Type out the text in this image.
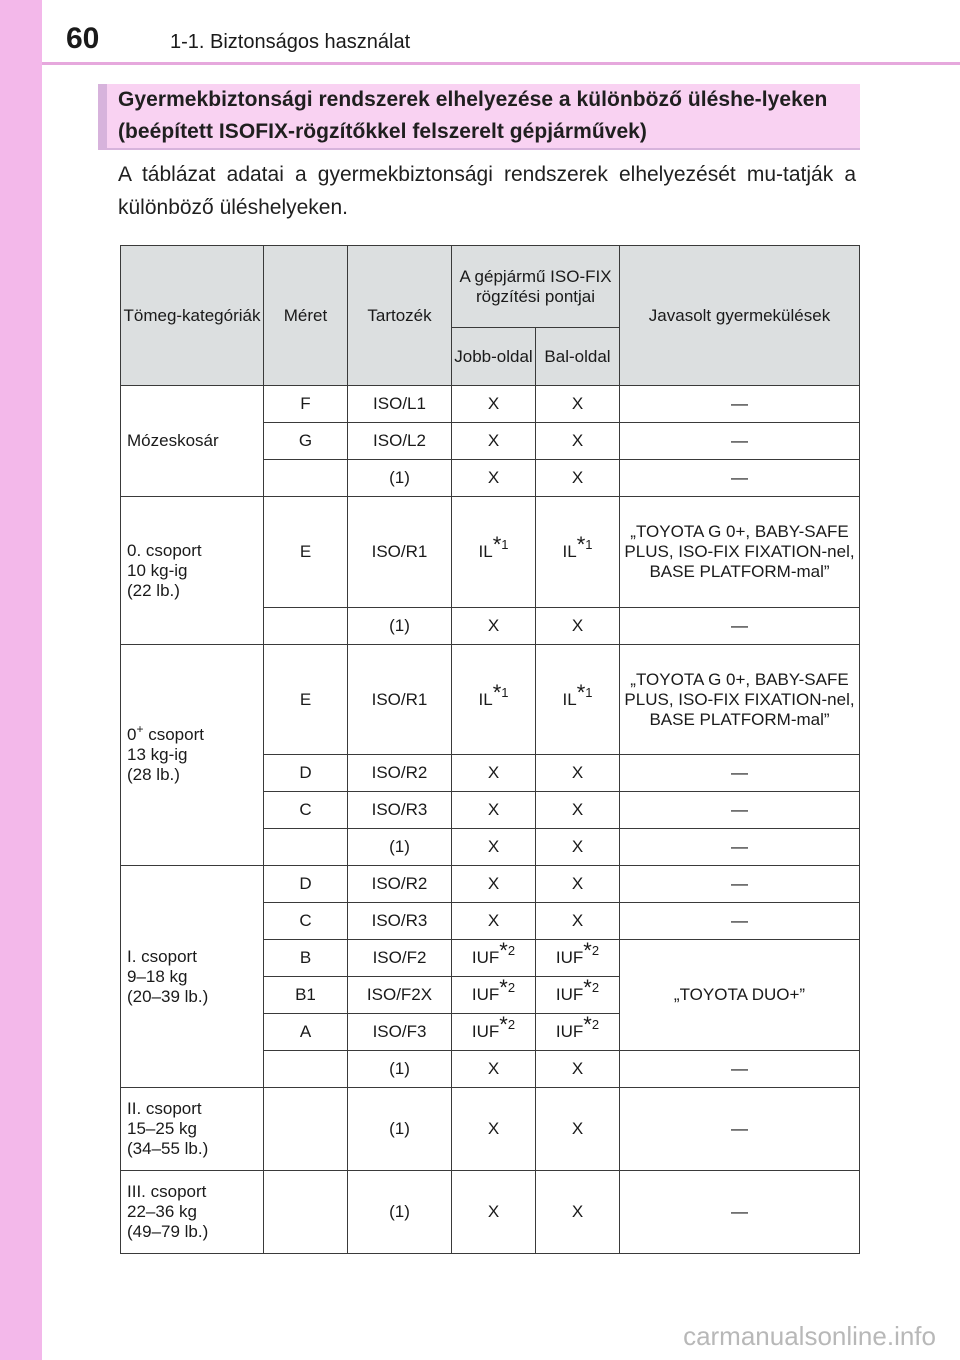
60	1-1. Biztonságos használat
Gyermekbiztonsági rendszerek elhelyezése a különböző üléshe-lyeken (beépített ISOFIX-rögzítőkkel felszerelt gépjárművek)
A táblázat adatai a gyermekbiztonsági rendszerek elhelyezését mu-tatják a különböző üléshelyeken.
Tömeg-kategóriák	Méret	Tartozék	A gépjármű ISO-FIX rögzítési pontjai		Javasolt gyermekülések
			Jobb-oldal	Bal-oldal	
Mózeskosár	F	ISO/L1	X	X	—
	G	ISO/L2	X	X	—
		(1)	X	X	—

0. csoport
10 kg-ig
(22 lb.)	E	ISO/R1	IL*$^1$	IL*$^1$	„TOYOTA G 0+, BABY-SAFE PLUS, ISO-FIX FIXATION-nel, BASE PLATFORM-mal”
		(1)	X	X	—

0+ csoport
13 kg-ig
(28 lb.)	E	ISO/R1	IL*$^1$	IL*$^1$	„TOYOTA G 0+, BABY-SAFE PLUS, ISO-FIX FIXATION-nel, BASE PLATFORM-mal”
	D	ISO/R2	X	X	—
	C	ISO/R3	X	X	—
		(1)	X	X	—

I. csoport
9–18 kg
(20–39 lb.)	D	ISO/R2	X	X	—
	C	ISO/R3	X	X	—
	B	ISO/F2	IUF*$^2$	IUF*$^2$	„TOYOTA DUO+”
	B1	ISO/F2X	IUF*$^2$	IUF*$^2$
	A	ISO/F3	IUF*$^2$	IUF*$^2$
		(1)	X	X	—

II. csoport
15–25 kg
(34–55 lb.)		(1)	X	X	—

III. csoport
22–36 kg
(49–79 lb.)		(1)	X	X	—
carmanualsonline.info
